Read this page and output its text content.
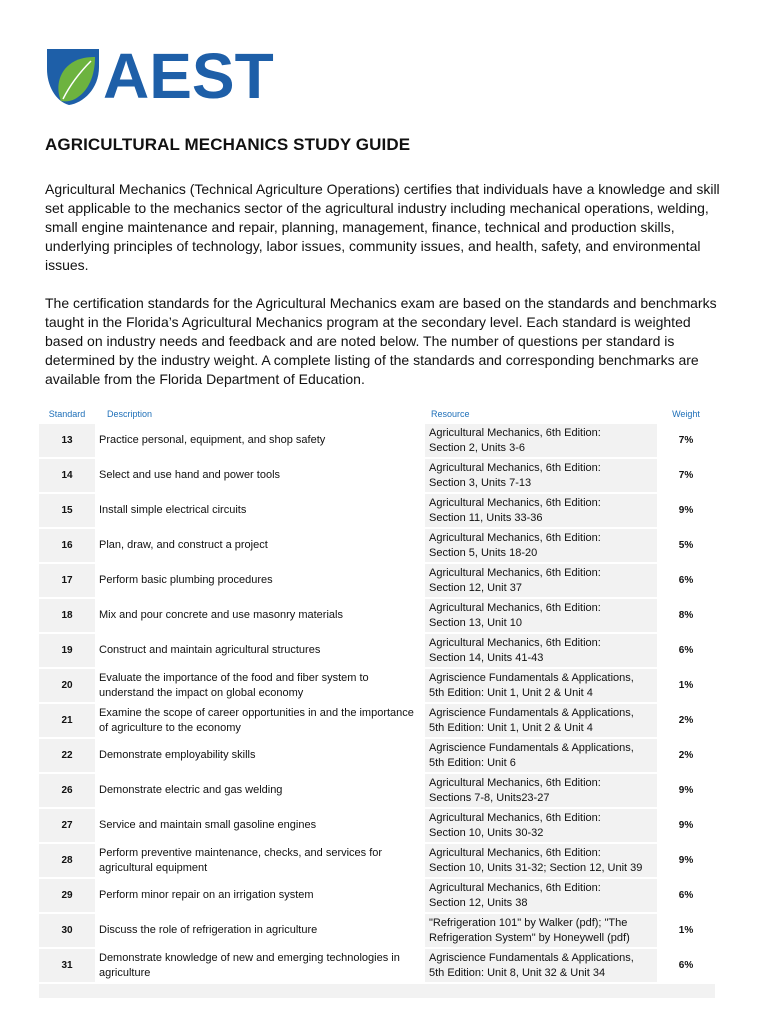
AEST
AGRICULTURAL MECHANICS STUDY GUIDE
Agricultural Mechanics (Technical Agriculture Operations) certifies that individuals have a knowledge and skill set applicable to the mechanics sector of the agricultural industry including mechanical operations, welding, small engine maintenance and repair, planning, management, finance, technical and production skills, underlying principles of technology, labor issues, community issues, and health, safety, and environmental issues.
The certification standards for the Agricultural Mechanics exam are based on the standards and benchmarks taught in the Florida’s Agricultural Mechanics program at the secondary level. Each standard is weighted based on industry needs and feedback and are noted below. The number of questions per standard is determined by the industry weight. A complete listing of the standards and corresponding benchmarks are available from the Florida Department of Education.
Standard	Description	Resource	Weight
13	Practice personal, equipment, and shop safety	Agricultural Mechanics, 6th Edition:
Section 2, Units 3-6	7%
14	Select and use hand and power tools	Agricultural Mechanics, 6th Edition:
Section 3, Units 7-13	7%
15	Install simple electrical circuits	Agricultural Mechanics, 6th Edition:
Section 11, Units 33-36	9%
16	Plan, draw, and construct a project	Agricultural Mechanics, 6th Edition:
Section 5, Units 18-20	5%
17	Perform basic plumbing procedures	Agricultural Mechanics, 6th Edition:
Section 12, Unit 37	6%
18	Mix and pour concrete and use masonry materials	Agricultural Mechanics, 6th Edition:
Section 13, Unit 10	8%
19	Construct and maintain agricultural structures	Agricultural Mechanics, 6th Edition:
Section 14, Units 41-43	6%
20	Evaluate the importance of the food and fiber system to understand the impact on global economy	Agriscience Fundamentals & Applications,
5th Edition: Unit 1, Unit 2 & Unit 4	1%
21	Examine the scope of career opportunities in and the importance of agriculture to the economy	Agriscience Fundamentals & Applications,
5th Edition: Unit 1, Unit 2 & Unit 4	2%
22	Demonstrate employability skills	Agriscience Fundamentals & Applications,
5th Edition: Unit 6	2%
26	Demonstrate electric and gas welding	Agricultural Mechanics, 6th Edition:
Sections 7-8, Units23-27	9%
27	Service and maintain small gasoline engines	Agricultural Mechanics, 6th Edition:
Section 10, Units 30-32	9%
28	Perform preventive maintenance, checks, and services for agricultural equipment	Agricultural Mechanics, 6th Edition:
Section 10, Units 31-32; Section 12, Unit 39	9%
29	Perform minor repair on an irrigation system	Agricultural Mechanics, 6th Edition:
Section 12, Units 38	6%
30	Discuss the role of refrigeration in agriculture	"Refrigeration 101" by Walker (pdf); "The
Refrigeration System" by Honeywell (pdf)	1%
31	Demonstrate knowledge of new and emerging technologies in agriculture	Agriscience Fundamentals & Applications,
5th Edition: Unit 8, Unit 32 & Unit 34	6%
